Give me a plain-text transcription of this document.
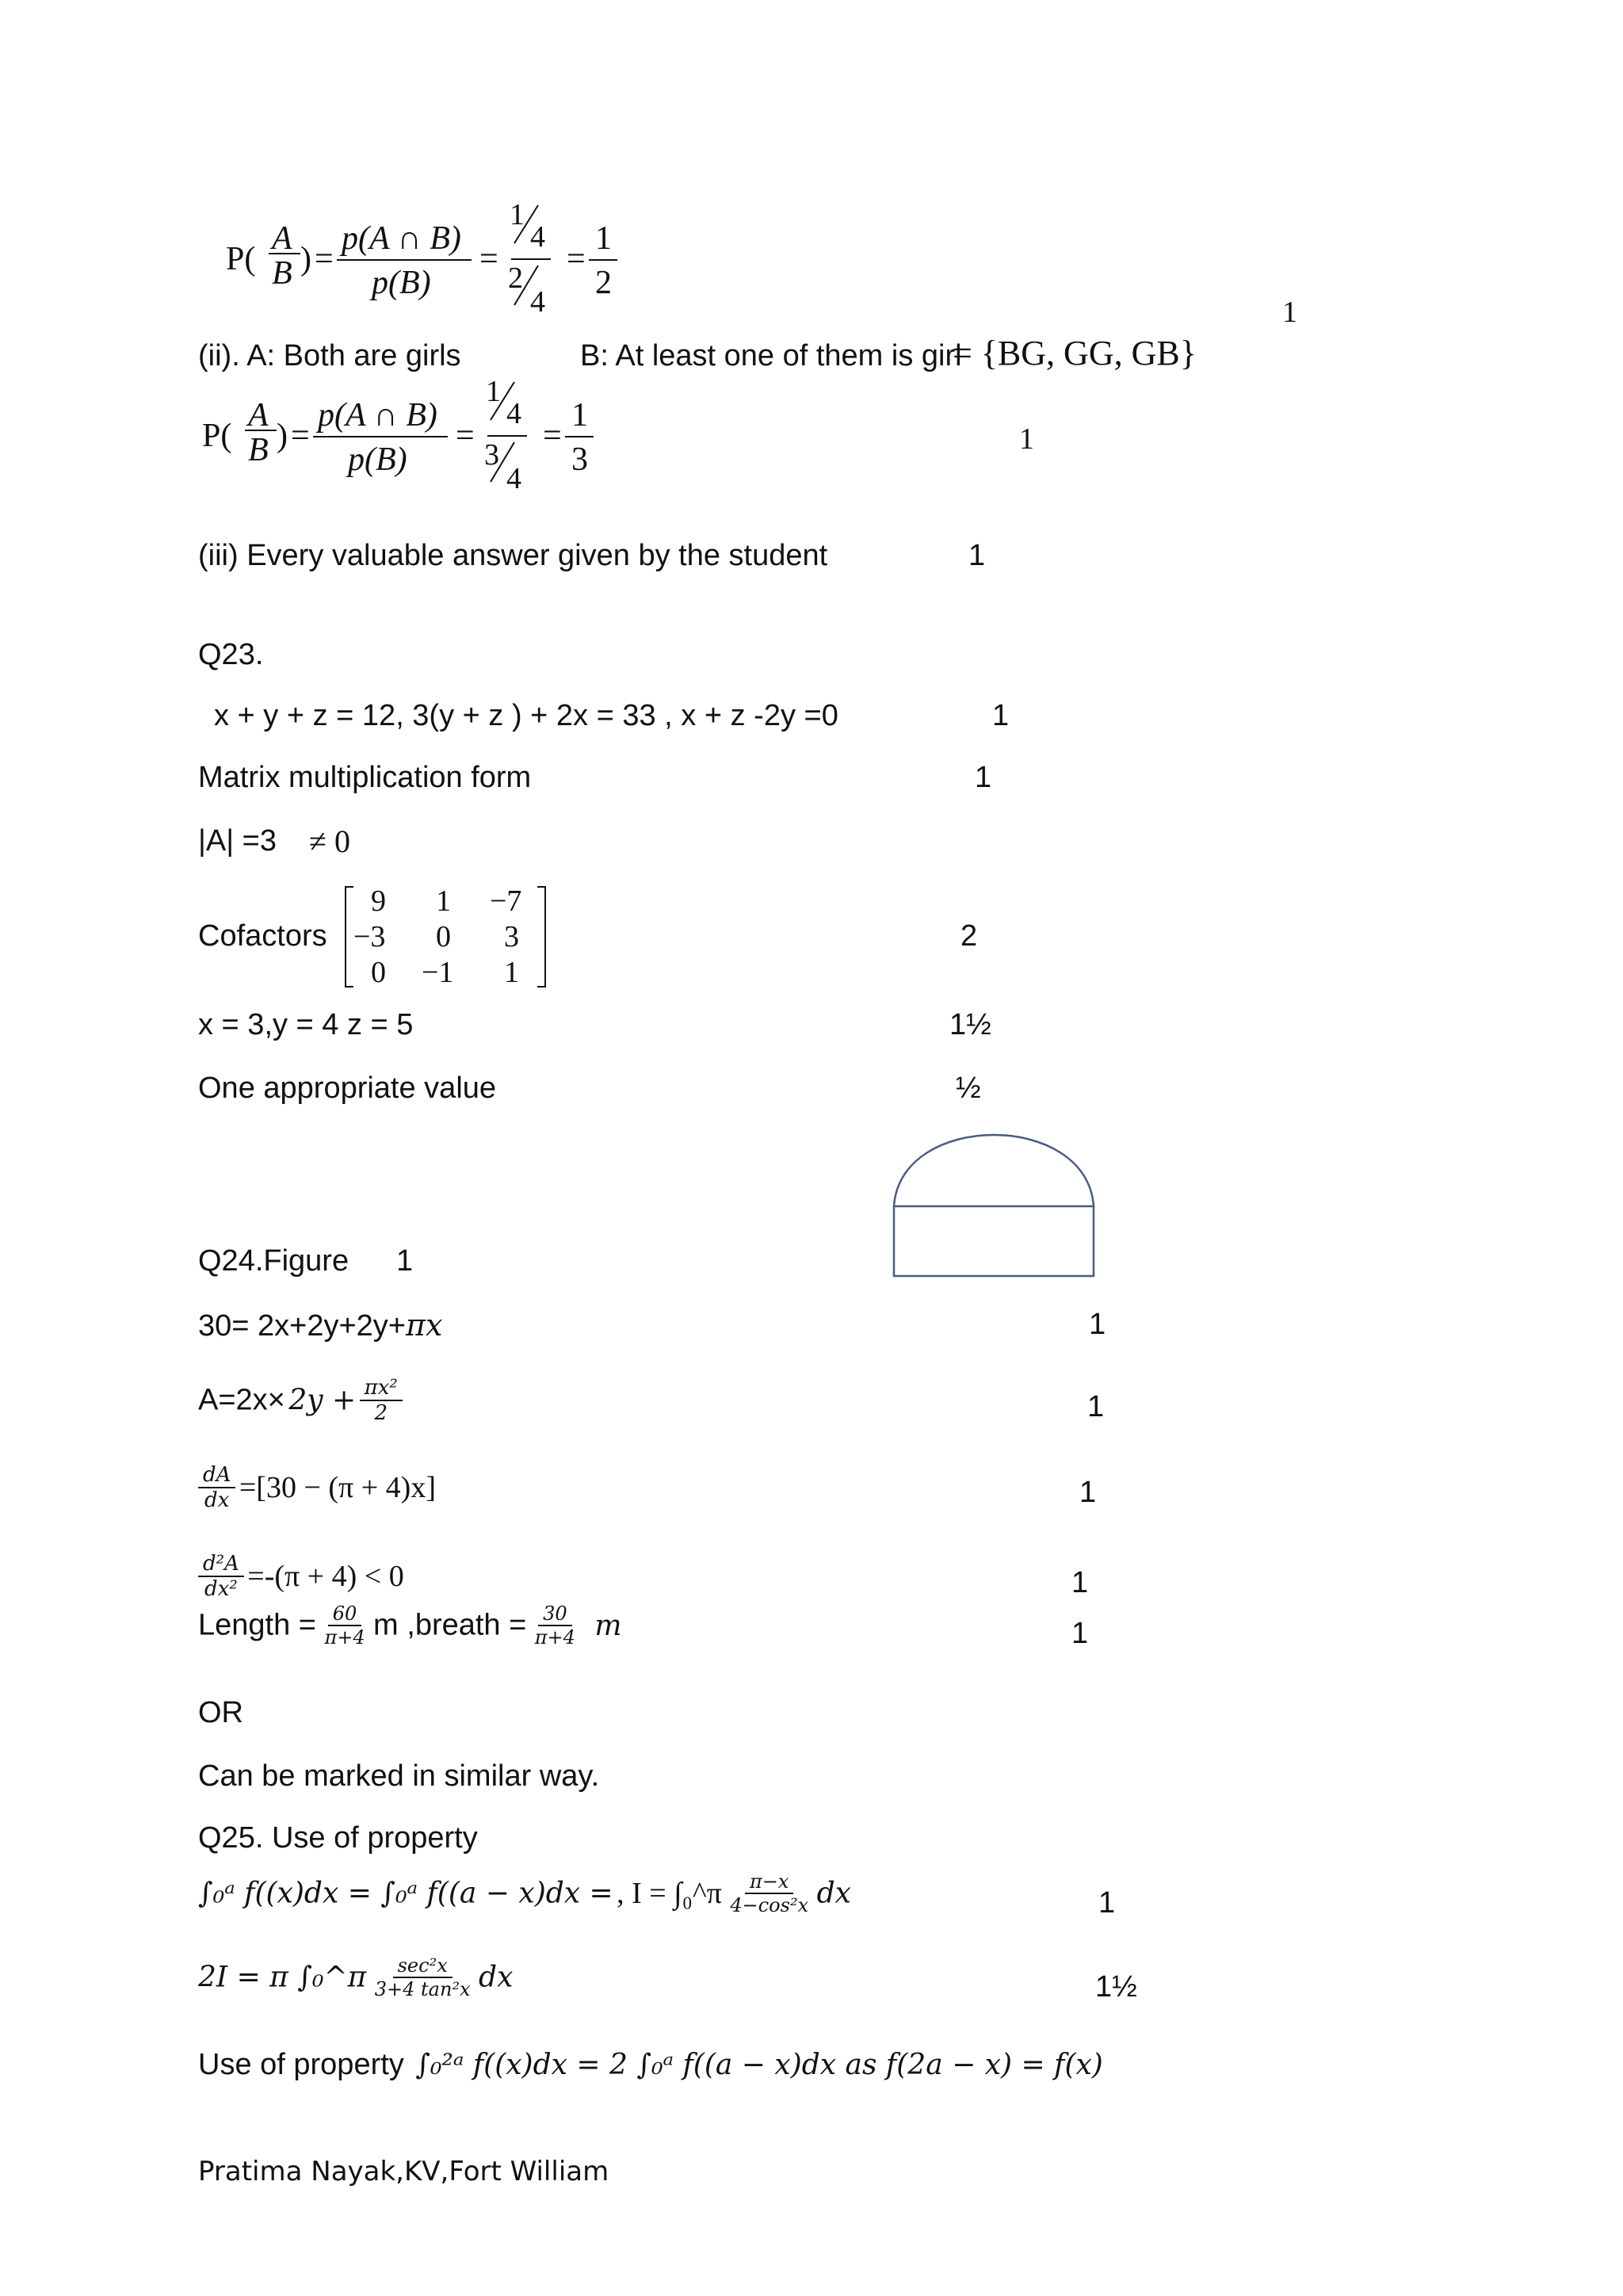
P(
A
B ) =
p(A ∩ B)
p(B)
=
1
4
2
4
=
1
2
1
(ii). A: Both are girls	B: At least one of them is girl
= {BG, GG, GB}
P(
A
B ) =
p(A ∩ B)
p(B)
=
1
4
3
4
=
1
3
1
(iii) Every valuable answer given by the student	1
Q23.
x + y + z = 12, 3(y + z ) + 2x = 33 , x + z -2y =0	1
Matrix multiplication form	1
|A| =3 ≠ 0
Cofactors
9 1 −7
−3 0 3
0 −1 1
2
x = 3,y = 4 z = 5	1½
One appropriate value	½
Q24.Figure 1
30= 2x+2y+2y+πx	1
$A=2x\times 2y + \frac{\text{πx²}}{2}$	1
$\frac{dA}{dx} =[30 - (\pi + 4)x]$	1
$\frac{\text{d²A}}{\text{dx²}} =-(\pi + 4) < 0$	1
Length = $\frac{60}{\pi+4}$ m ,breath = $\frac{30}{\pi+4}$ m	1
OR
Can be marked in similar way.
Q25. Use of property
∫₀ᵃ f((x)dx = ∫₀ᵃ f((a − x)dx = , I = ∫₀^π $\frac{\pi-x}{\text{4−cos²x}}$ dx	1
2I = π ∫₀^π $\frac{\text{sec²x}}{\text{3+4 tan²x}}$ dx	1½
Use of property ∫₀²ᵃ f((x)dx = 2 ∫₀ᵃ f((a − x)dx as f(2a − x) = f(x)
Pratima Nayak,KV,Fort William
